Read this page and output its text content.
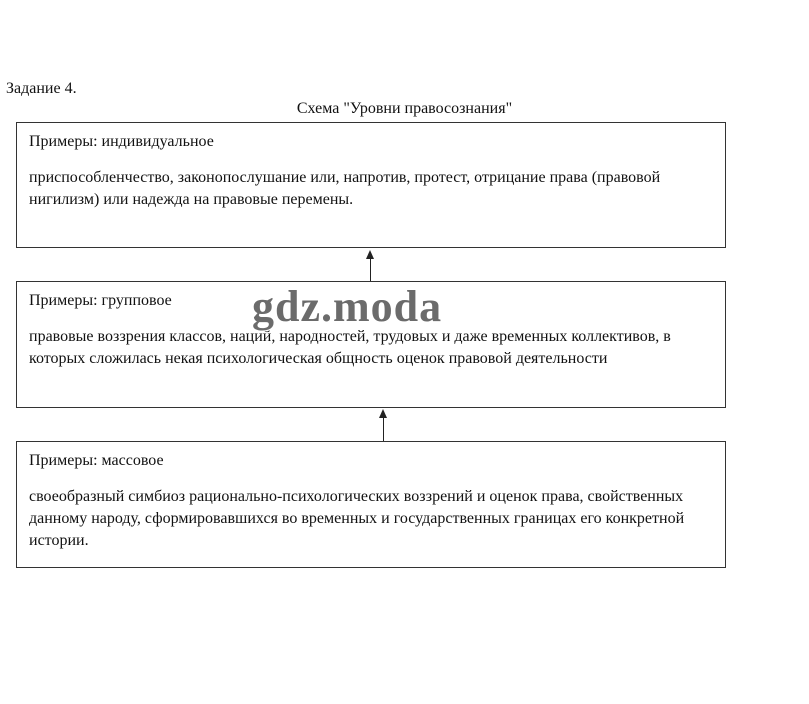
Задание 4.
Схема "Уровни правосознания"
Примеры: индивидуальное
приспособленчество, законопослушание или, напротив, протест, отрицание права (правовой нигилизм) или надежда на правовые перемены.
Примеры: групповое
правовые воззрения классов, наций, народностей, трудовых и даже временных коллективов, в которых сложилась некая психологическая общность оценок правовой деятельности
Примеры: массовое
своеобразный симбиоз рационально-психологических воззрений и оценок права, свойственных данному народу, сформировавшихся во временных и государственных границах его конкретной истории.
gdz.moda
